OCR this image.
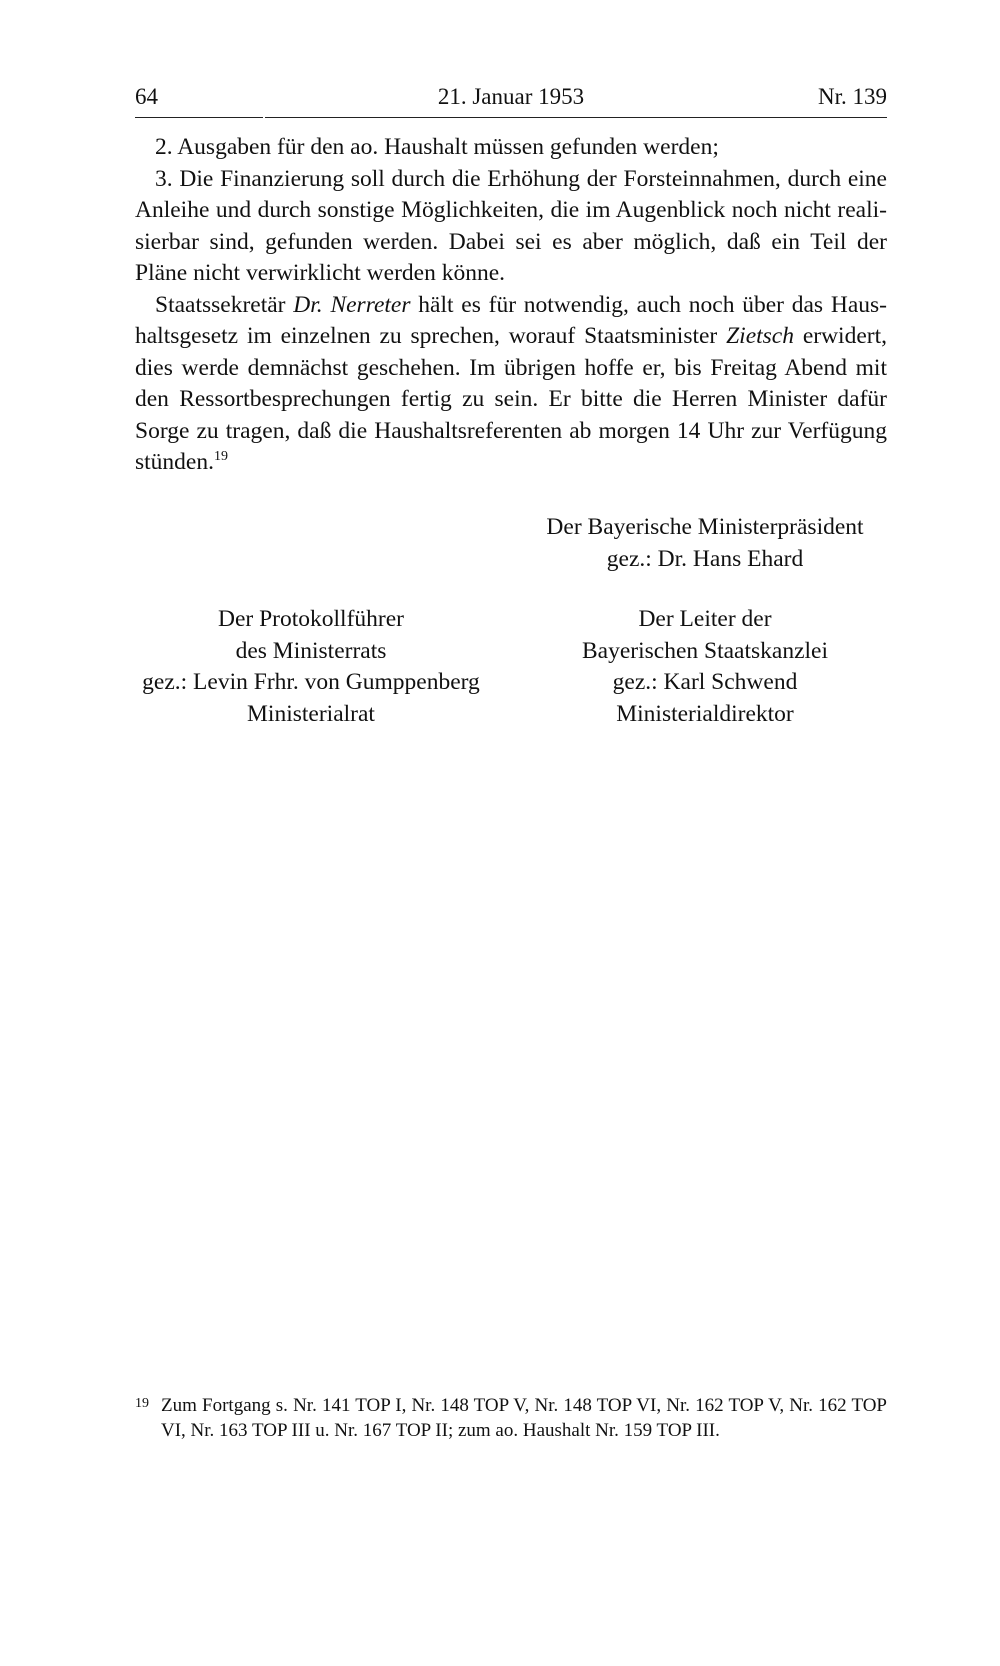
64	21. Januar 1953	Nr. 139

2. Ausgaben für den ao. Haushalt müssen gefunden werden;

3. Die Finanzierung soll durch die Erhöhung der Forsteinnahmen, durch eine Anleihe und durch sonstige Möglichkeiten, die im Augenblick noch nicht realisierbar sind, gefunden werden. Dabei sei es aber möglich, daß ein Teil der Pläne nicht verwirklicht werden könne.

Staatssekretär Dr. Nerreter hält es für notwendig, auch noch über das Haushaltsgesetz im einzelnen zu sprechen, worauf Staatsminister Zietsch erwidert, dies werde demnächst geschehen. Im übrigen hoffe er, bis Freitag Abend mit den Ressortbesprechungen fertig zu sein. Er bitte die Herren Minister dafür Sorge zu tragen, daß die Haushaltsreferenten ab morgen 14 Uhr zur Verfügung stünden.$^{19}$

Der Bayerische Ministerpräsident
gez.: Dr. Hans Ehard
Der Protokollführer
des Ministerrats
gez.: Levin Frhr. von Gumppenberg
Ministerialrat
Der Leiter der
Bayerischen Staatskanzlei
gez.: Karl Schwend
Ministerialdirektor
19 Zum Fortgang s. Nr. 141 TOP I, Nr. 148 TOP V, Nr. 148 TOP VI, Nr. 162 TOP V, Nr. 162 TOP VI, Nr. 163 TOP III u. Nr. 167 TOP II; zum ao. Haushalt Nr. 159 TOP III.
